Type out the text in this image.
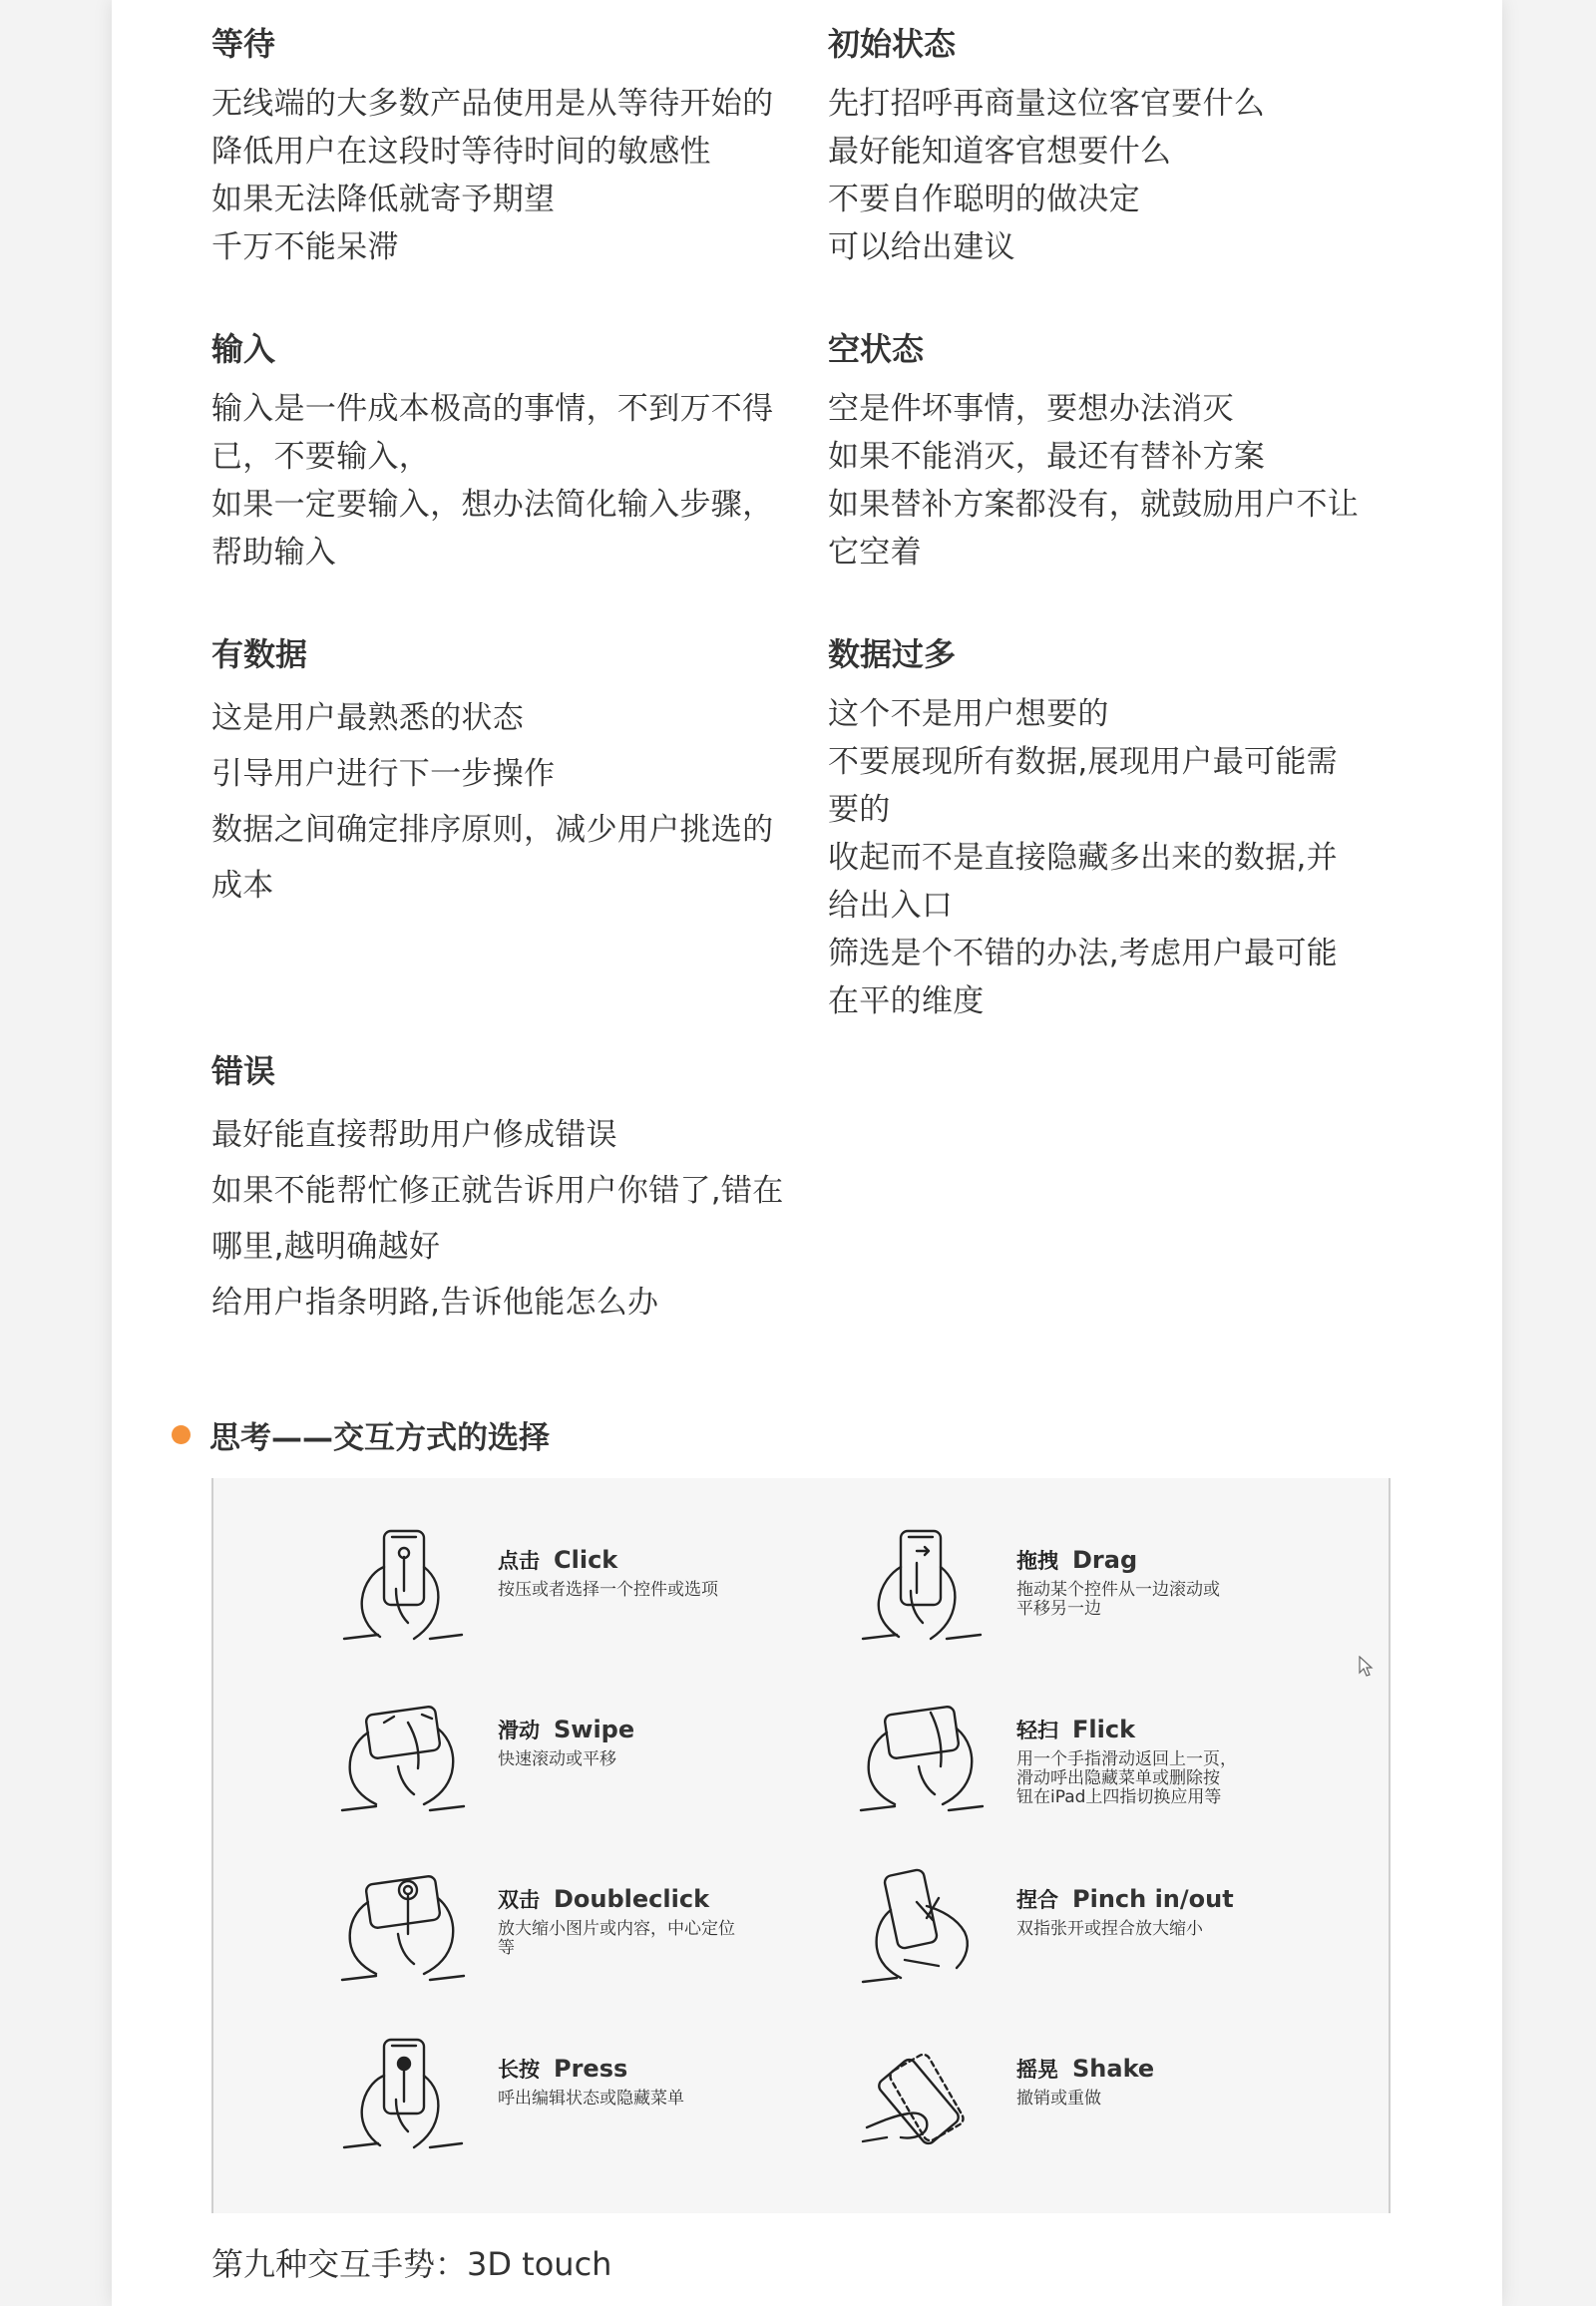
等待
无线端的大多数产品使用是从等待开始的
降低用户在这段时等待时间的敏感性
如果无法降低就寄予期望
千万不能呆滞
初始状态
先打招呼再商量这位客官要什么
最好能知道客官想要什么
不要自作聪明的做决定
可以给出建议
输入
输入是一件成本极高的事情，不到万不得
已，不要输入，
如果一定要输入，想办法简化输入步骤，
帮助输入
空状态
空是件坏事情，要想办法消灭
如果不能消灭，最还有替补方案
如果替补方案都没有，就鼓励用户不让
它空着
有数据
这是用户最熟悉的状态
引导用户进行下一步操作
数据之间确定排序原则，减少用户挑选的
成本
数据过多
这个不是用户想要的
不要展现所有数据,展现用户最可能需
要的
收起而不是直接隐藏多出来的数据,并
给出入口
筛选是个不错的办法,考虑用户最可能
在平的维度
错误
最好能直接帮助用户修成错误
如果不能帮忙修正就告诉用户你错了,错在
哪里,越明确越好
给用户指条明路,告诉他能怎么办
思考——交互方式的选择
点击 Click
按压或者选择一个控件或选项
拖拽 Drag
拖动某个控件从一边滚动或
平移另一边
滑动 Swipe
快速滚动或平移
轻扫 Flick
用一个手指滑动返回上一页，
滑动呼出隐藏菜单或删除按
钮在iPad上四指切换应用等
双击 Doubleclick
放大缩小图片或内容，中心定位
等
捏合 Pinch in/out
双指张开或捏合放大缩小
长按 Press
呼出编辑状态或隐藏菜单
摇晃 Shake
撤销或重做
第九种交互手势：3D touch
